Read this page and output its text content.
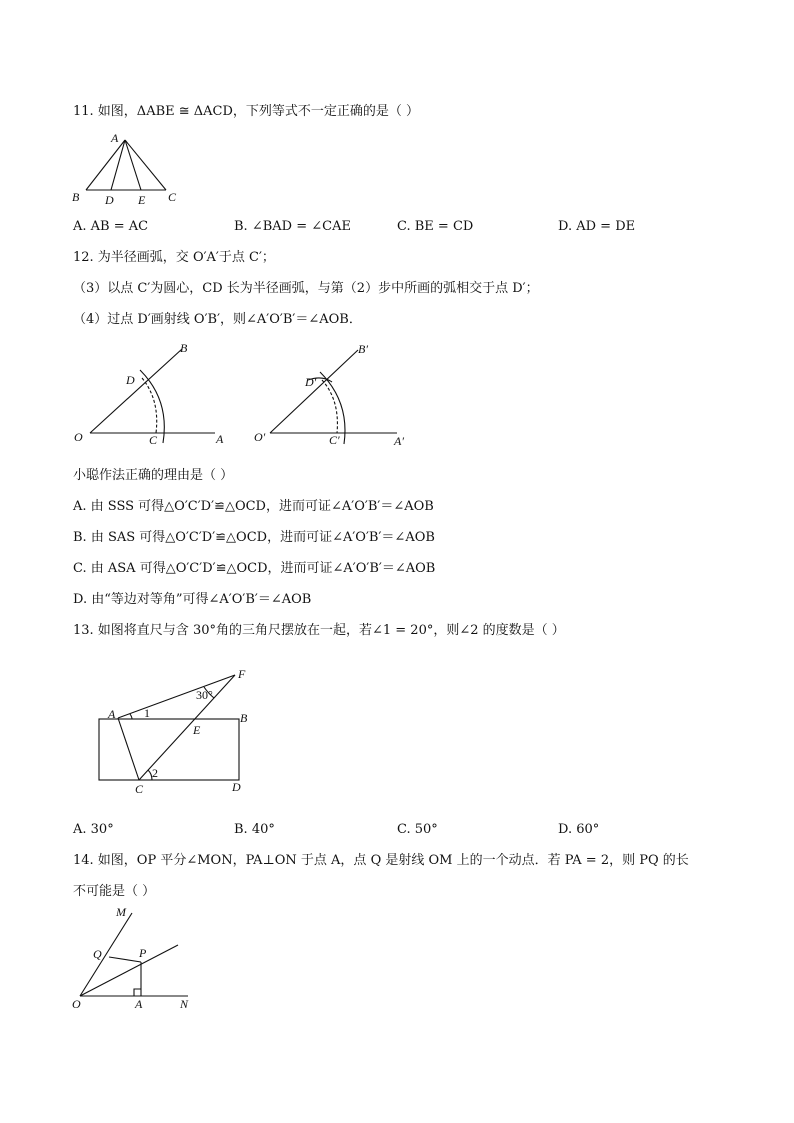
11. 如图，ΔABE ≅ ΔACD，下列等式不一定正确的是（ ）
A
B D E C
A. AB = AC	B. ∠BAD = ∠CAE	C. BE = CD	D. AD = DE
12. 为半径画弧，交 O′A′于点 C′；
（3）以点 C′为圆心，CD 长为半径画弧，与第（2）步中所画的弧相交于点 D′；
（4）过点 D′画射线 O′B′，则∠A′O′B′＝∠AOB．
O	C	A
D
B
O′	C′	A′
D′
B′
小聪作法正确的理由是（ ）
A. 由 SSS 可得△O′C′D′≌△OCD，进而可证∠A′O′B′＝∠AOB
B. 由 SAS 可得△O′C′D′≌△OCD，进而可证∠A′O′B′＝∠AOB
C. 由 ASA 可得△O′C′D′≌△OCD，进而可证∠A′O′B′＝∠AOB
D. 由“等边对等角”可得∠A′O′B′＝∠AOB
13. 如图将直尺与含 30°角的三角尺摆放在一起，若∠1 = 20°，则∠2 的度数是（ ）
30°
F
A 1	B
E
2
C	D
A. 30°	B. 40°	C. 50°	D. 60°
14. 如图，OP 平分∠MON，PA⊥ON 于点 A，点 Q 是射线 OM 上的一个动点．若 PA = 2，则 PQ 的长
不可能是（ ）
M
Q	P
O	A	N
